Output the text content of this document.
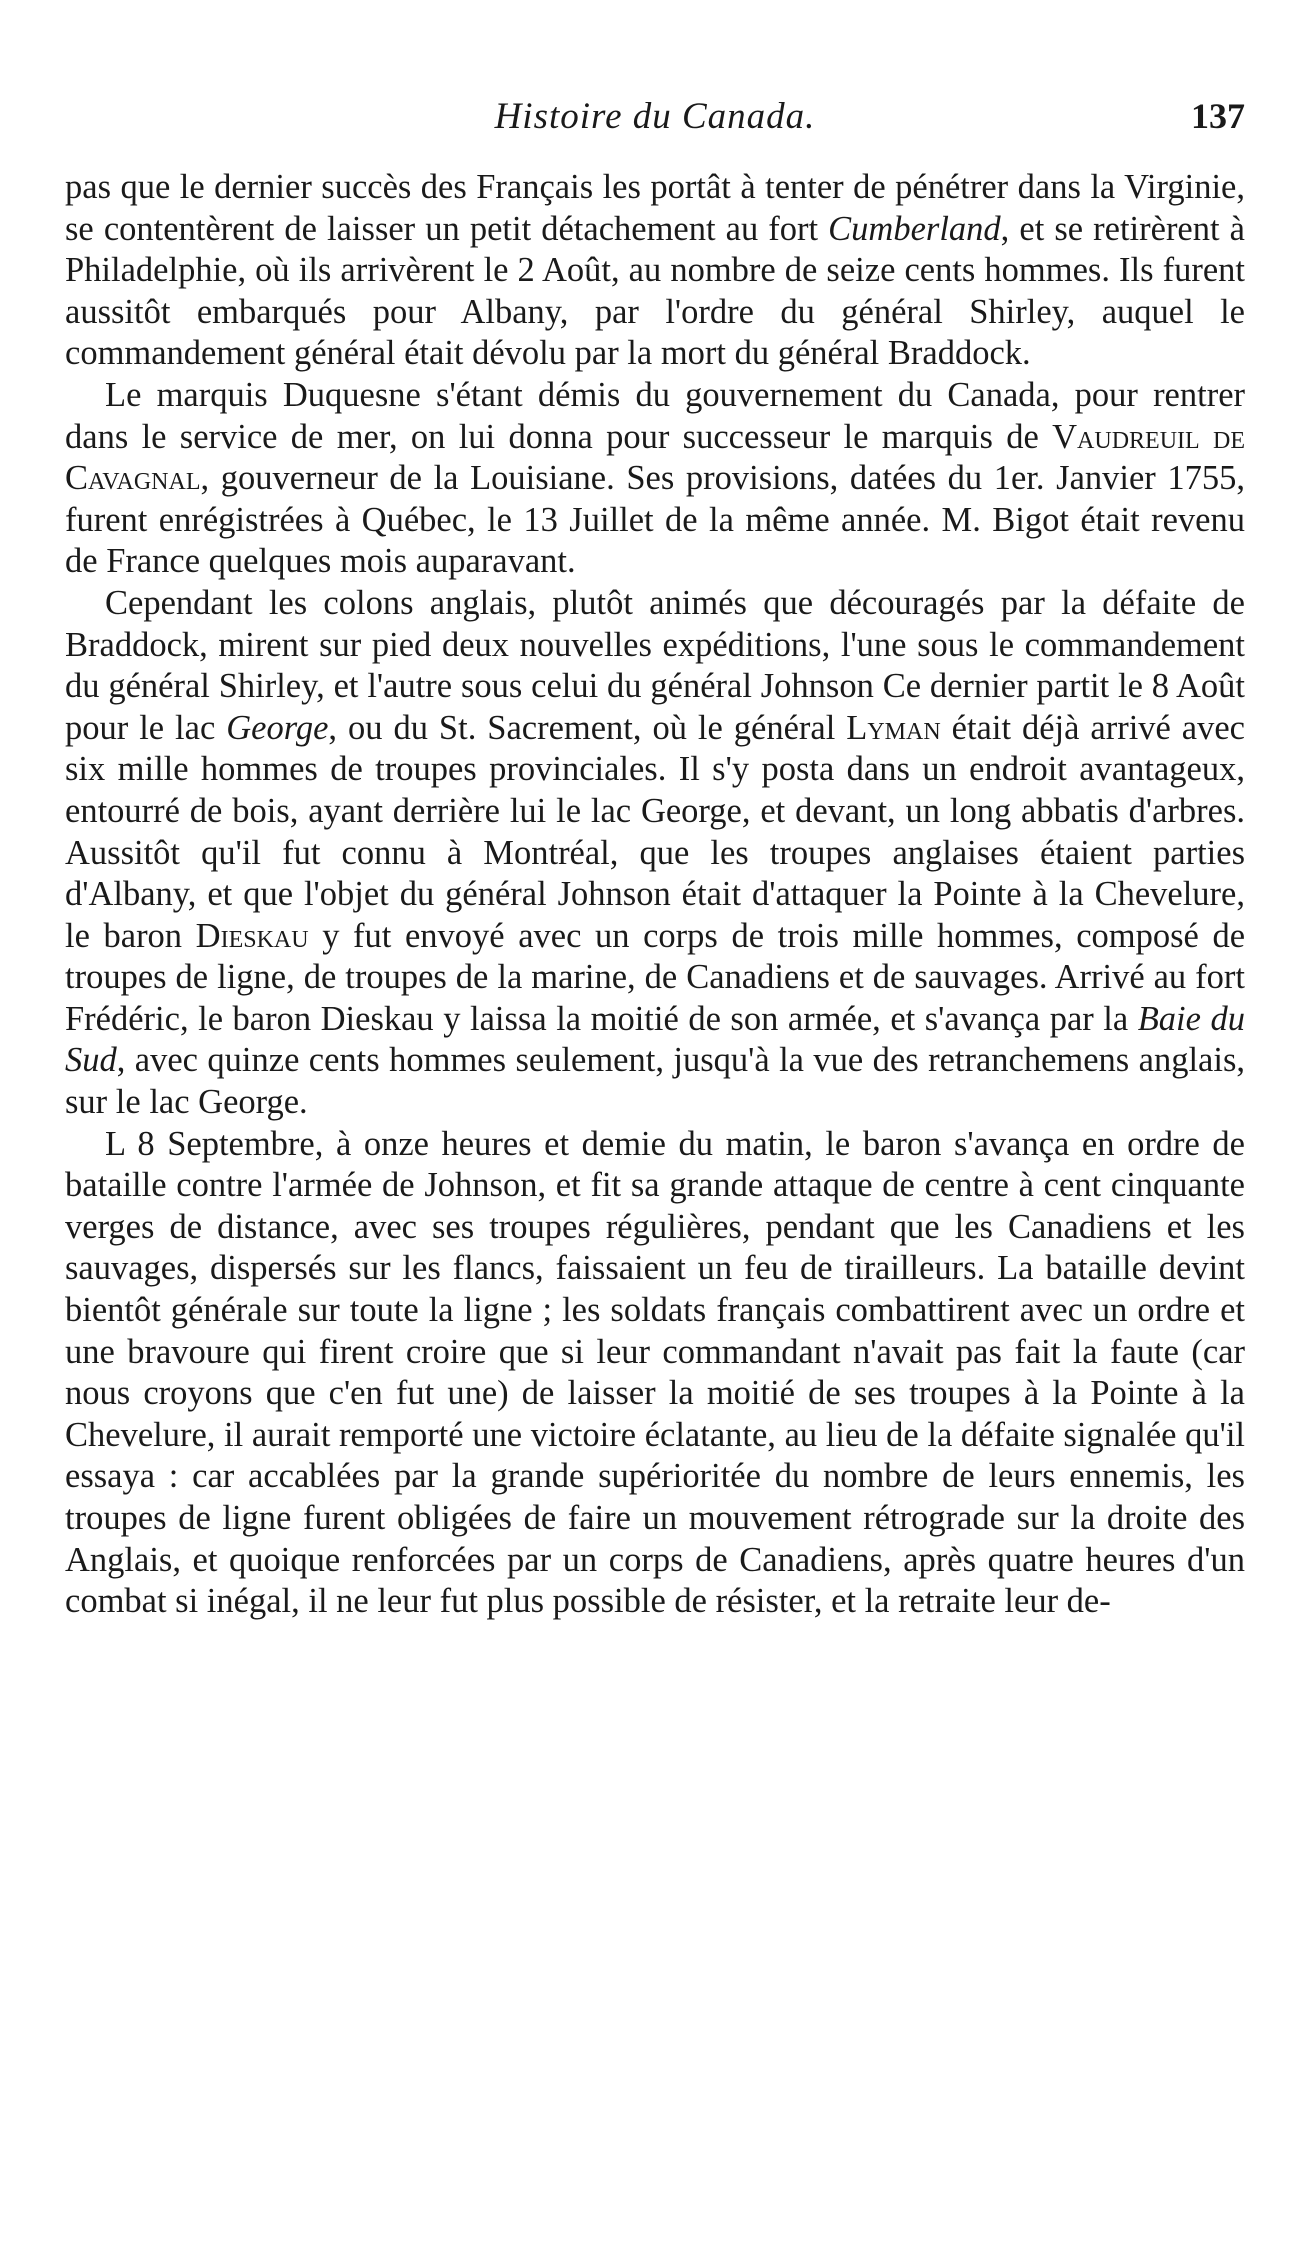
Histoire du Canada.	137

pas que le dernier succès des Français les portât à tenter de pénétrer dans la Virginie, se contentèrent de laisser un petit détachement au fort Cumberland, et se retirèrent à Philadelphie, où ils arrivèrent le 2 Août, au nombre de seize cents hommes. Ils furent aussitôt embarqués pour Albany, par l'ordre du général Shirley, auquel le commandement général était dévolu par la mort du général Braddock.

Le marquis Duquesne s'étant démis du gouvernement du Canada, pour rentrer dans le service de mer, on lui donna pour successeur le marquis de Vaudreuil de Cavagnal, gouverneur de la Louisiane. Ses provisions, datées du 1er. Janvier 1755, furent enrégistrées à Québec, le 13 Juillet de la même année. M. Bigot était revenu de France quelques mois auparavant.

Cependant les colons anglais, plutôt animés que découragés par la défaite de Braddock, mirent sur pied deux nouvelles expéditions, l'une sous le commandement du général Shirley, et l'autre sous celui du général Johnson Ce dernier partit le 8 Août pour le lac George, ou du St. Sacrement, où le général Lyman était déjà arrivé avec six mille hommes de troupes provinciales. Il s'y posta dans un endroit avantageux, entourré de bois, ayant derrière lui le lac George, et devant, un long abbatis d'arbres. Aussitôt qu'il fut connu à Montréal, que les troupes anglaises étaient parties d'Albany, et que l'objet du général Johnson était d'attaquer la Pointe à la Chevelure, le baron Dieskau y fut envoyé avec un corps de trois mille hommes, composé de troupes de ligne, de troupes de la marine, de Canadiens et de sauvages. Arrivé au fort Frédéric, le baron Dieskau y laissa la moitié de son armée, et s'avança par la Baie du Sud, avec quinze cents hommes seulement, jusqu'à la vue des retranchemens anglais, sur le lac George.

L 8 Septembre, à onze heures et demie du matin, le baron s'avança en ordre de bataille contre l'armée de Johnson, et fit sa grande attaque de centre à cent cinquante verges de distance, avec ses troupes régulières, pendant que les Canadiens et les sauvages, dispersés sur les flancs, faissaient un feu de tirailleurs. La bataille devint bientôt générale sur toute la ligne ; les soldats français combattirent avec un ordre et une bravoure qui firent croire que si leur commandant n'avait pas fait la faute (car nous croyons que c'en fut une) de laisser la moitié de ses troupes à la Pointe à la Chevelure, il aurait remporté une victoire éclatante, au lieu de la défaite signalée qu'il essaya : car accablées par la grande supérioritée du nombre de leurs ennemis, les troupes de ligne furent obligées de faire un mouvement rétrograde sur la droite des Anglais, et quoique renforcées par un corps de Canadiens, après quatre heures d'un combat si inégal, il ne leur fut plus possible de résister, et la retraite leur de-
